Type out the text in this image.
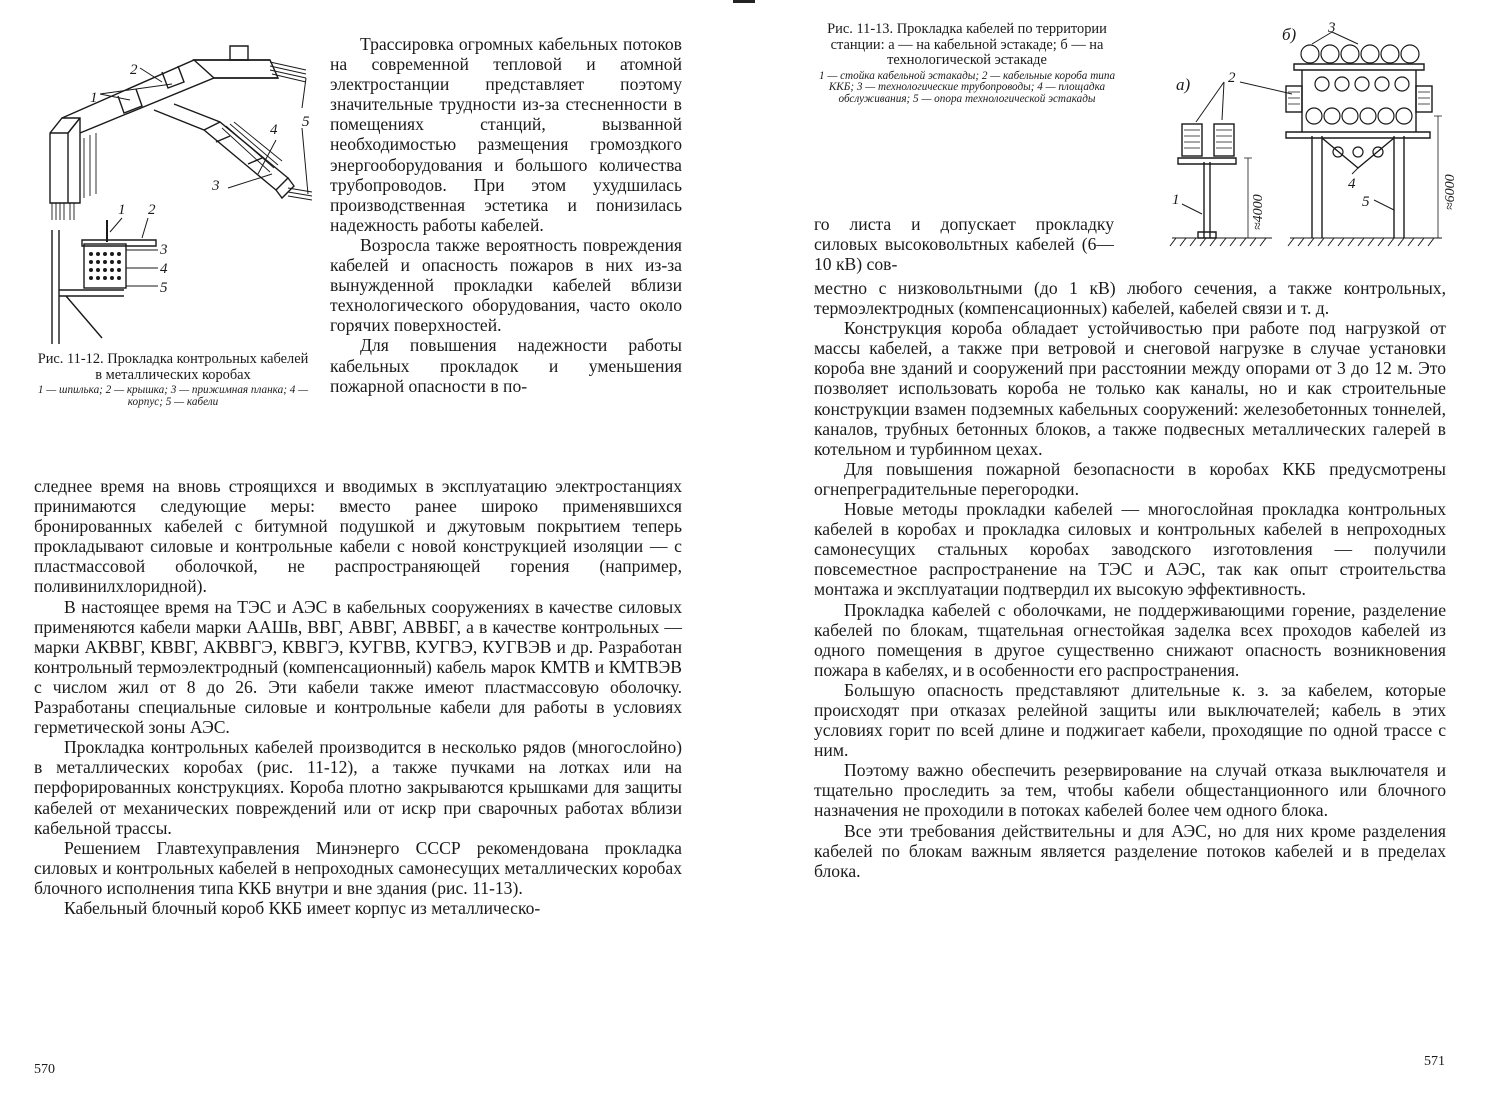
1
2
3
4 5
1 2
3
4
5

Рис. 11-12. Прокладка контрольных кабелей в металлических коробах

1 — шпилька; 2 — крышка; 3 — прижимная планка; 4 — корпус; 5 — кабели

Трассировка огромных кабельных потоков на современной тепловой и атомной электростанции представляет поэтому значительные трудности из-за стесненности в помещениях станций, вызванной необходимостью размещения громоздкого энергооборудования и большого количества трубопроводов. При этом ухудшилась производственная эстетика и понизилась надежность работы кабелей.

Возросла также вероятность повреждения кабелей и опасность пожаров в них из-за вынужденной прокладки кабелей вблизи технологического оборудования, часто около горячих поверхностей.

Для повышения надежности работы кабельных прокладок и уменьшения пожарной опасности в по-

следнее время на вновь строящихся и вводимых в эксплуатацию электростанциях принимаются следующие меры: вместо ранее широко применявшихся бронированных кабелей с битумной подушкой и джутовым покрытием теперь прокладывают силовые и контрольные кабели с новой конструкцией изоляции — с пластмассовой оболочкой, не распространяющей горения (например, поливинилхлоридной).

В настоящее время на ТЭС и АЭС в кабельных сооружениях в качестве силовых применяются кабели марки ААШв, ВВГ, АВВГ, АВВБГ, а в качестве контрольных — марки АКВВГ, КВВГ, АКВВГЭ, КВВГЭ, КУГВВ, КУГВЭ, КУГВЭВ и др. Разработан контрольный термоэлектродный (компенсационный) кабель марок КМТВ и КМТВЭВ с числом жил от 8 до 26. Эти кабели также имеют пластмассовую оболочку. Разработаны специальные силовые и контрольные кабели для работы в условиях герметической зоны АЭС.

Прокладка контрольных кабелей производится в несколько рядов (многослойно) в металлических коробах (рис. 11-12), а также пучками на лотках или на перфорированных конструкциях. Короба плотно закрываются крышками для защиты кабелей от механических повреждений или от искр при сварочных работах вблизи кабельной трассы.

Решением Главтехуправления Минэнерго СССР рекомендована прокладка силовых и контрольных кабелей в непроходных самонесущих металлических коробах блочного исполнения типа ККБ внутри и вне здания (рис. 11-13).

Кабельный блочный короб ККБ имеет корпус из металлическо-

570

Рис. 11-13. Прокладка кабелей по территории станции: а — на кабельной эстакаде; б — на технологической эстакаде

1 — стойка кабельной эстакады; 2 — кабельные короба типа ККБ; 3 — технологические трубопроводы; 4 — площадка обслуживания; 5 — опора технологической эстакады

а)
б)
1
2
3
4
5
≈4000
≈6000

го листа и допускает прокладку силовых высоковольтных кабелей (6—10 кВ) сов-

местно с низковольтными (до 1 кВ) любого сечения, а также контрольных, термоэлектродных (компенсационных) кабелей, кабелей связи и т. д.

Конструкция короба обладает устойчивостью при работе под нагрузкой от массы кабелей, а также при ветровой и снеговой нагрузке в случае установки короба вне зданий и сооружений при расстоянии между опорами от 3 до 12 м. Это позволяет использовать короба не только как каналы, но и как строительные конструкции взамен подземных кабельных сооружений: железобетонных тоннелей, каналов, трубных бетонных блоков, а также подвесных металлических галерей в котельном и турбинном цехах.

Для повышения пожарной безопасности в коробах ККБ предусмотрены огнепреградительные перегородки.

Новые методы прокладки кабелей — многослойная прокладка контрольных кабелей в коробах и прокладка силовых и контрольных кабелей в непроходных самонесущих стальных коробах заводского изготовления — получили повсеместное распространение на ТЭС и АЭС, так как опыт строительства монтажа и эксплуатации подтвердил их высокую эффективность.

Прокладка кабелей с оболочками, не поддерживающими горение, разделение кабелей по блокам, тщательная огнестойкая заделка всех проходов кабелей из одного помещения в другое существенно снижают опасность возникновения пожара в кабелях, и в особенности его распространения.

Большую опасность представляют длительные к. з. за кабелем, которые происходят при отказах релейной защиты или выключателей; кабель в этих условиях горит по всей длине и поджигает кабели, проходящие по одной трассе с ним.

Поэтому важно обеспечить резервирование на случай отказа выключателя и тщательно проследить за тем, чтобы кабели общестанционного или блочного назначения не проходили в потоках кабелей более чем одного блока.

Все эти требования действительны и для АЭС, но для них кроме разделения кабелей по блокам важным является разделение потоков кабелей и в пределах блока.

571
